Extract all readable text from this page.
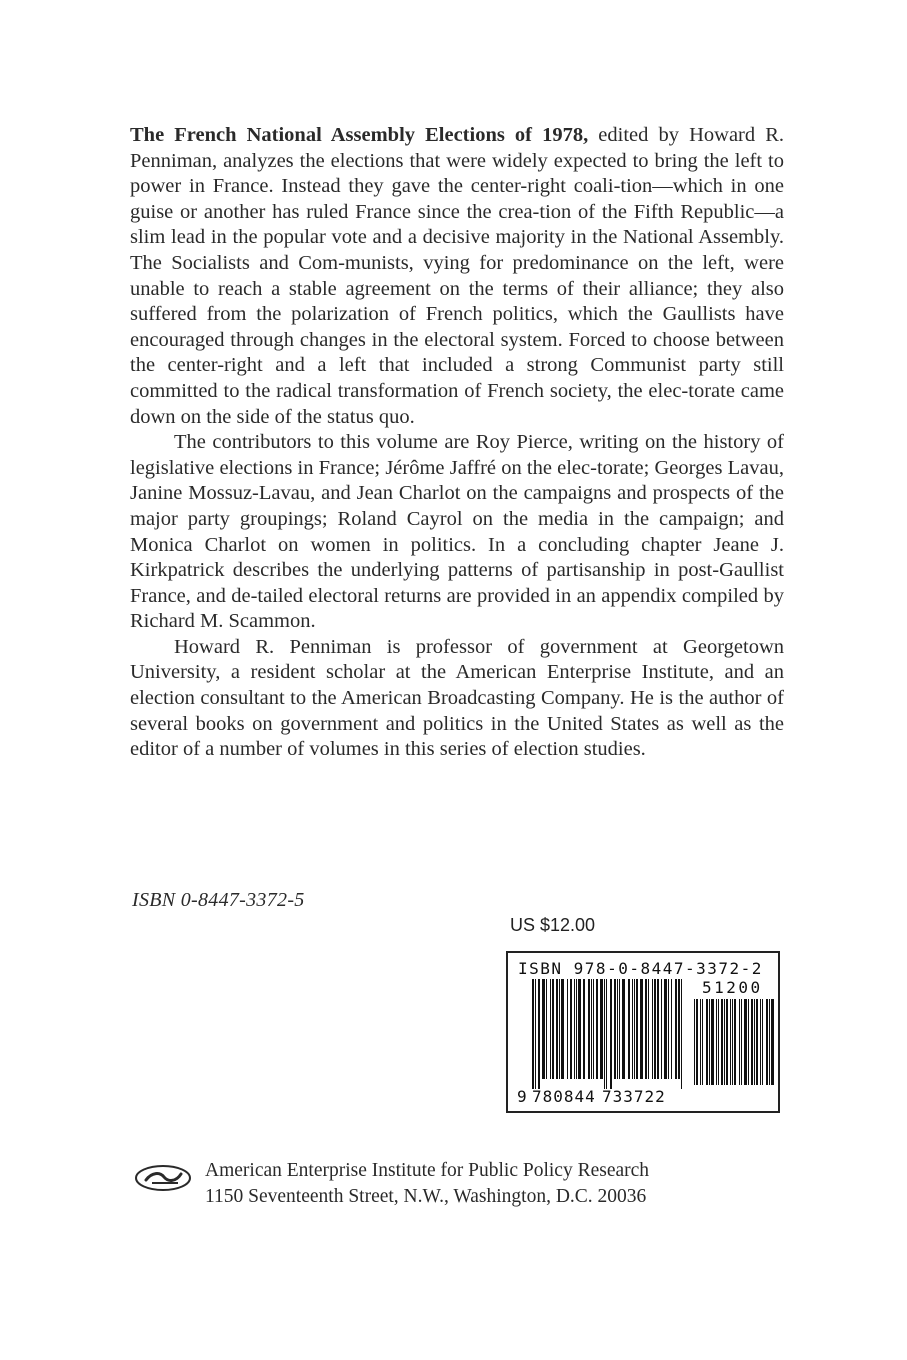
The French National Assembly Elections of 1978, edited by Howard R. Penniman, analyzes the elections that were widely expected to bring the left to power in France. Instead they gave the center-right coali-tion—which in one guise or another has ruled France since the crea-tion of the Fifth Republic—a slim lead in the popular vote and a decisive majority in the National Assembly. The Socialists and Com-munists, vying for predominance on the left, were unable to reach a stable agreement on the terms of their alliance; they also suffered from the polarization of French politics, which the Gaullists have encouraged through changes in the electoral system. Forced to choose between the center-right and a left that included a strong Communist party still committed to the radical transformation of French society, the elec-torate came down on the side of the status quo.

The contributors to this volume are Roy Pierce, writing on the history of legislative elections in France; Jérôme Jaffré on the elec-torate; Georges Lavau, Janine Mossuz-Lavau, and Jean Charlot on the campaigns and prospects of the major party groupings; Roland Cayrol on the media in the campaign; and Monica Charlot on women in politics. In a concluding chapter Jeane J. Kirkpatrick describes the underlying patterns of partisanship in post-Gaullist France, and de-tailed electoral returns are provided in an appendix compiled by Richard M. Scammon.

Howard R. Penniman is professor of government at Georgetown University, a resident scholar at the American Enterprise Institute, and an election consultant to the American Broadcasting Company. He is the author of several books on government and politics in the United States as well as the editor of a number of volumes in this series of election studies.

ISBN 0-8447-3372-5
US $12.00
ISBN 978-0-8447-3372-2
51200
9 780844 733722
American Enterprise Institute for Public Policy Research
1150 Seventeenth Street, N.W., Washington, D.C. 20036
